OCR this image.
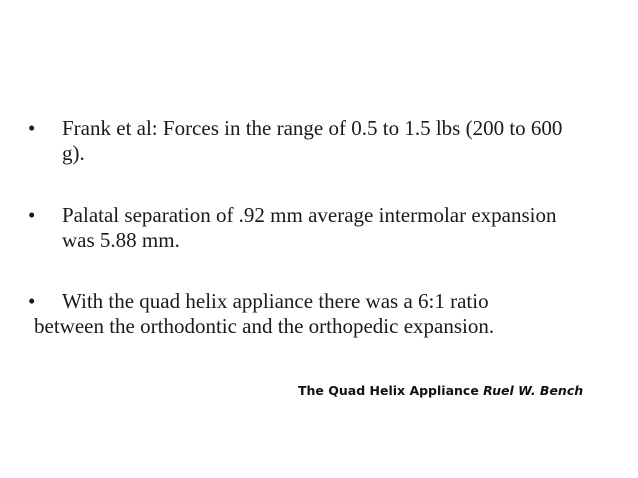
•	Frank et al: Forces in the range of 0.5 to 1.5 lbs (200 to 600 g).
•	Palatal separation of .92 mm average intermolar expansion was 5.88 mm.
•	With the quad helix appliance there was a 6:1 ratio
between the orthodontic and the orthopedic expansion.
The Quad Helix Appliance Ruel W. Bench
